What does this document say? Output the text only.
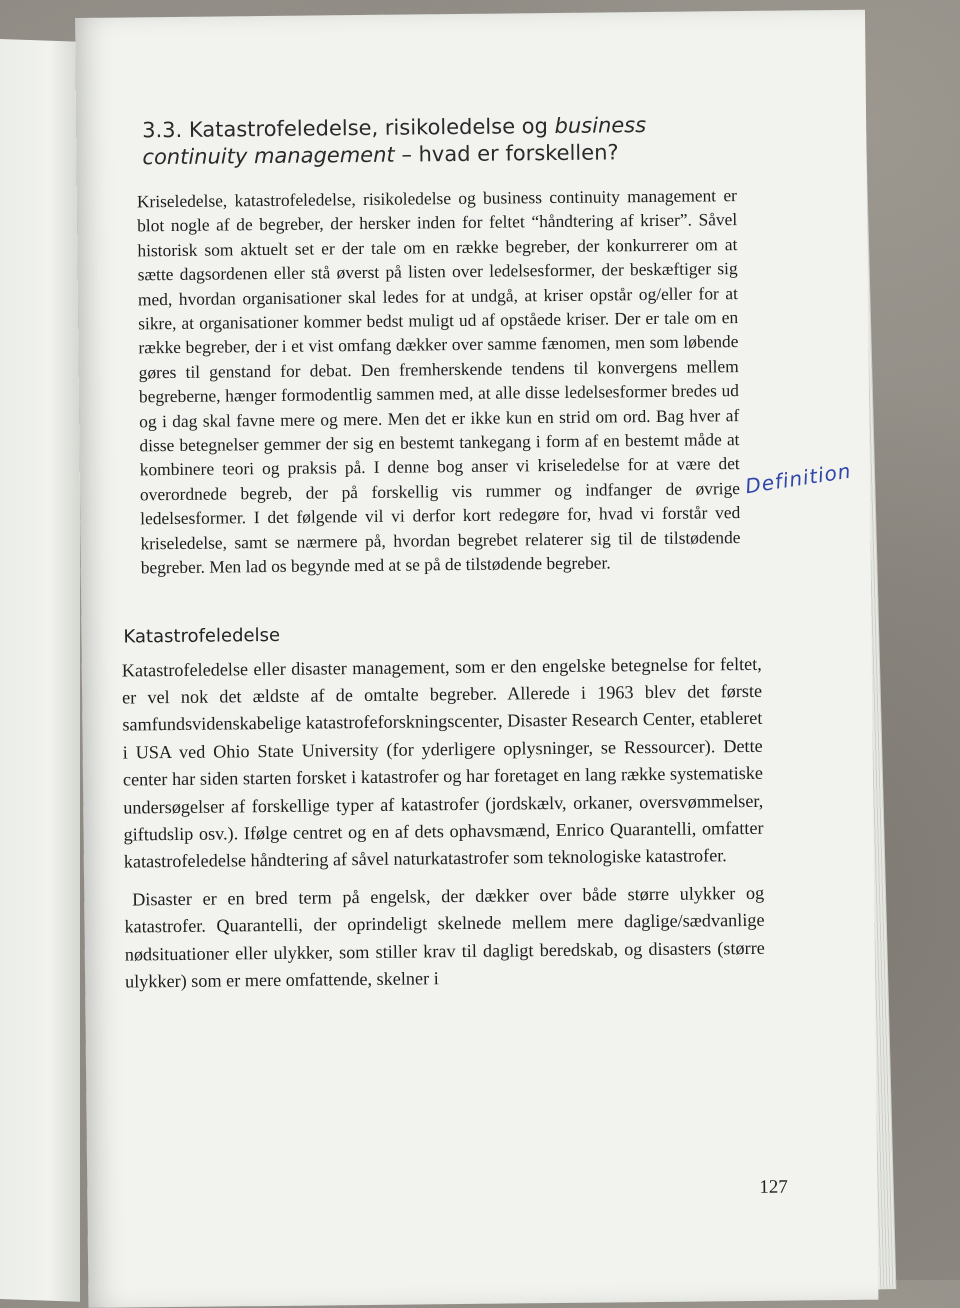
3.3. Katastrofeledelse, risikoledelse og business continuity management – hvad er forskellen?

Kriseledelse, katastrofeledelse, risikoledelse og business continuity management er blot nogle af de begreber, der hersker inden for feltet “håndtering af kriser”. Såvel historisk som aktuelt set er der tale om en række begreber, der konkurrerer om at sætte dagsordenen eller stå øverst på listen over ledelsesformer, der beskæftiger sig med, hvordan organisationer skal ledes for at undgå, at kriser opstår og/eller for at sikre, at organisationer kommer bedst muligt ud af opståede kriser. Der er tale om en række begreber, der i et vist omfang dækker over samme fænomen, men som løbende gøres til genstand for debat. Den fremherskende tendens til konvergens mellem begreberne, hænger formodentlig sammen med, at alle disse ledelsesformer bredes ud og i dag skal favne mere og mere. Men det er ikke kun en strid om ord. Bag hver af disse betegnelser gemmer der sig en bestemt tankegang i form af en bestemt måde at kombinere teori og praksis på. I denne bog anser vi kriseledelse for at være det overordnede begreb, der på forskellig vis rummer og indfanger de øvrige ledelsesformer. I det følgende vil vi derfor kort redegøre for, hvad vi forstår ved kriseledelse, samt se nærmere på, hvordan begrebet relaterer sig til de tilstødende begreber. Men lad os begynde med at se på de tilstødende begreber.

Katastrofeledelse

Katastrofeledelse eller disaster management, som er den engelske betegnelse for feltet, er vel nok det ældste af de omtalte begreber. Allerede i 1963 blev det første samfundsvidenskabelige katastrofeforskningscenter, Disaster Research Center, etableret i USA ved Ohio State University (for yderligere oplysninger, se Ressourcer). Dette center har siden starten forsket i katastrofer og har foretaget en lang række systematiske undersøgelser af forskellige typer af katastrofer (jordskælv, orkaner, oversvømmelser, giftudslip osv.). Ifølge centret og en af dets ophavsmænd, Enrico Quarantelli, omfatter katastrofeledelse håndtering af såvel naturkatastrofer som teknologiske katastrofer.

Disaster er en bred term på engelsk, der dækker over både større ulykker og katastrofer. Quarantelli, der oprindeligt skelnede mellem mere daglige/sædvanlige nødsituationer eller ulykker, som stiller krav til dagligt beredskab, og disasters (større ulykker) som er mere omfattende, skelner i

Definition
127
